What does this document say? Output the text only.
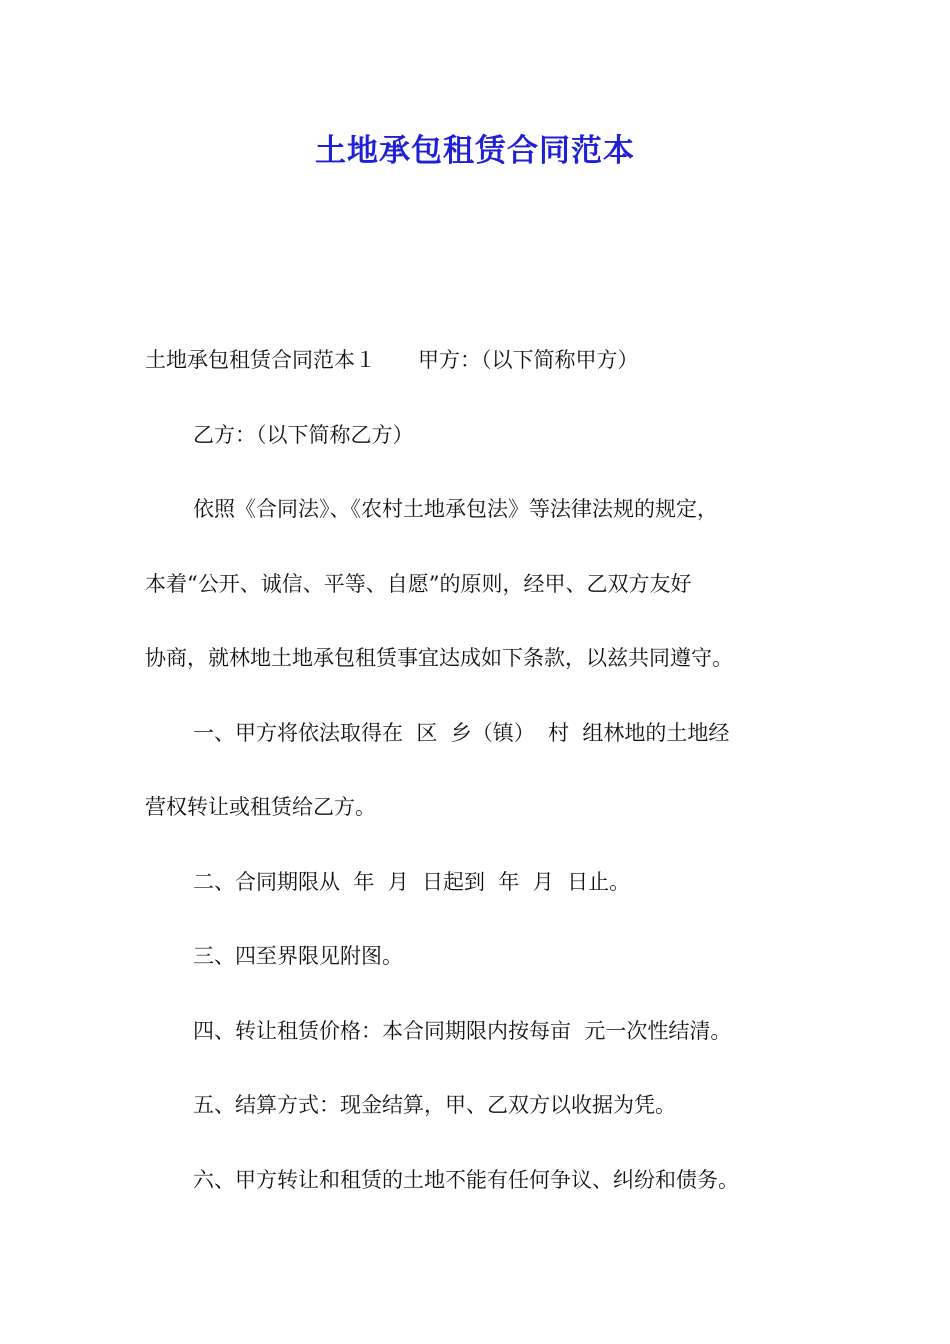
土地承包租赁合同范本
土地承包租赁合同范本１　　甲方：（以下简称甲方）
乙方：（以下简称乙方）
依照《合同法》、《农村土地承包法》等法律法规的规定，
本着“公开、诚信、平等、自愿”的原则，经甲、乙双方友好
协商，就林地土地承包租赁事宜达成如下条款，以兹共同遵守。
一、甲方将依法取得在  区  乡（镇）  村  组林地的土地经
营权转让或租赁给乙方。
二、合同期限从  年  月  日起到  年  月  日止。
三、四至界限见附图。
四、转让租赁价格：本合同期限内按每亩  元一次性结清。
五、结算方式：现金结算，甲、乙双方以收据为凭。
六、甲方转让和租赁的土地不能有任何争议、纠纷和债务。
